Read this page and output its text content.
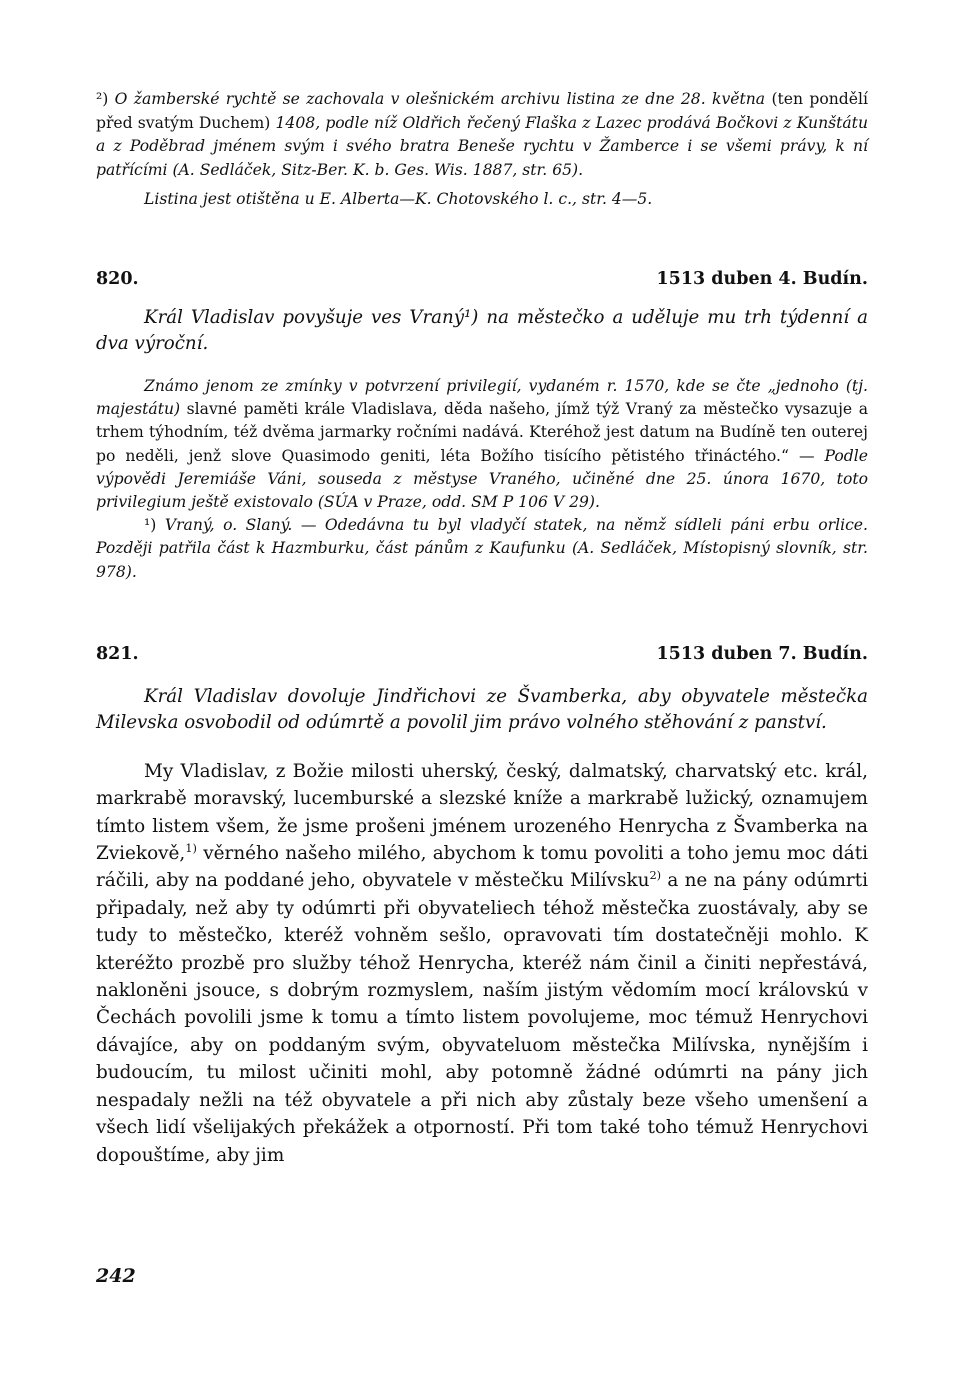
²) O žamberské rychtě se zachovala v olešnickém archivu listina ze dne 28. května (ten pondělí před svatým Duchem) 1408, podle níž Oldřich řečený Flaška z Lazec prodává Bočkovi z Kunštátu a z Poděbrad jménem svým i svého bratra Beneše rychtu v Žamberce i se všemi právy, k ní patřícími (A. Sedláček, Sitz-Ber. K. b. Ges. Wis. 1887, str. 65).

Listina jest otištěna u E. Alberta—K. Chotovského l. c., str. 4—5.

820.	1513 duben 4. Budín.

Král Vladislav povyšuje ves Vraný¹) na městečko a uděluje mu trh týdenní a dva výroční.

Známo jenom ze zmínky v potvrzení privilegií, vydaném r. 1570, kde se čte „jednoho (tj. majestátu) slavné paměti krále Vladislava, děda našeho, jímž týž Vraný za městečko vysazuje a trhem týhodním, též dvěma jarmarky ročními nadává. Kteréhož jest datum na Budíně ten outerej po neděli, jenž slove Quasimodo geniti, léta Božího tisícího pětistého třináctého.“ — Podle výpovědi Jeremiáše Váni, souseda z městyse Vraného, učiněné dne 25. února 1670, toto privilegium ještě existovalo (SÚA v Praze, odd. SM P 106 V 29).

¹) Vraný, o. Slaný. — Odedávna tu byl vladyčí statek, na němž sídleli páni erbu orlice. Později patřila část k Hazmburku, část pánům z Kaufunku (A. Sedláček, Místopisný slovník, str. 978).

821.	1513 duben 7. Budín.

Král Vladislav dovoluje Jindřichovi ze Švamberka, aby obyvatele městečka Milevska osvobodil od odúmrtě a povolil jim právo volného stěhování z panství.

My Vladislav, z Božie milosti uherský, český, dalmatský, charvatský etc. král, markrabě moravský, lucemburské a slezské kníže a markrabě lužický, oznamujem tímto listem všem, že jsme prošeni jménem urozeného Henrycha z Švamberka na Zviekově,$^{1)}$ věrného našeho milého, abychom k tomu povoliti a toho jemu moc dáti ráčili, aby na poddané jeho, obyvatele v městečku Milívsku$^{2)}$ a ne na pány odúmrti připadaly, než aby ty odúmrti při obyvateliech téhož městečka zuostávaly, aby se tudy to městečko, kteréž vohněm sešlo, opravovati tím dostatečněji mohlo. K kteréžto prozbě pro služby téhož Henrycha, kteréž nám činil a činiti nepřestává, nakloněni jsouce, s dobrým rozmyslem, naším jistým vědomím mocí královskú v Čechách povolili jsme k tomu a tímto listem povolujeme, moc témuž Henrychovi dávajíce, aby on poddaným svým, obyvateluom městečka Milívska, nynějším i budoucím, tu milost učiniti mohl, aby potomně žádné odúmrti na pány jich nespadaly nežli na též obyvatele a při nich aby zůstaly beze všeho umenšení a všech lidí všelijakých překážek a otporností. Při tom také toho témuž Henrychovi dopouštíme, aby jim

242
